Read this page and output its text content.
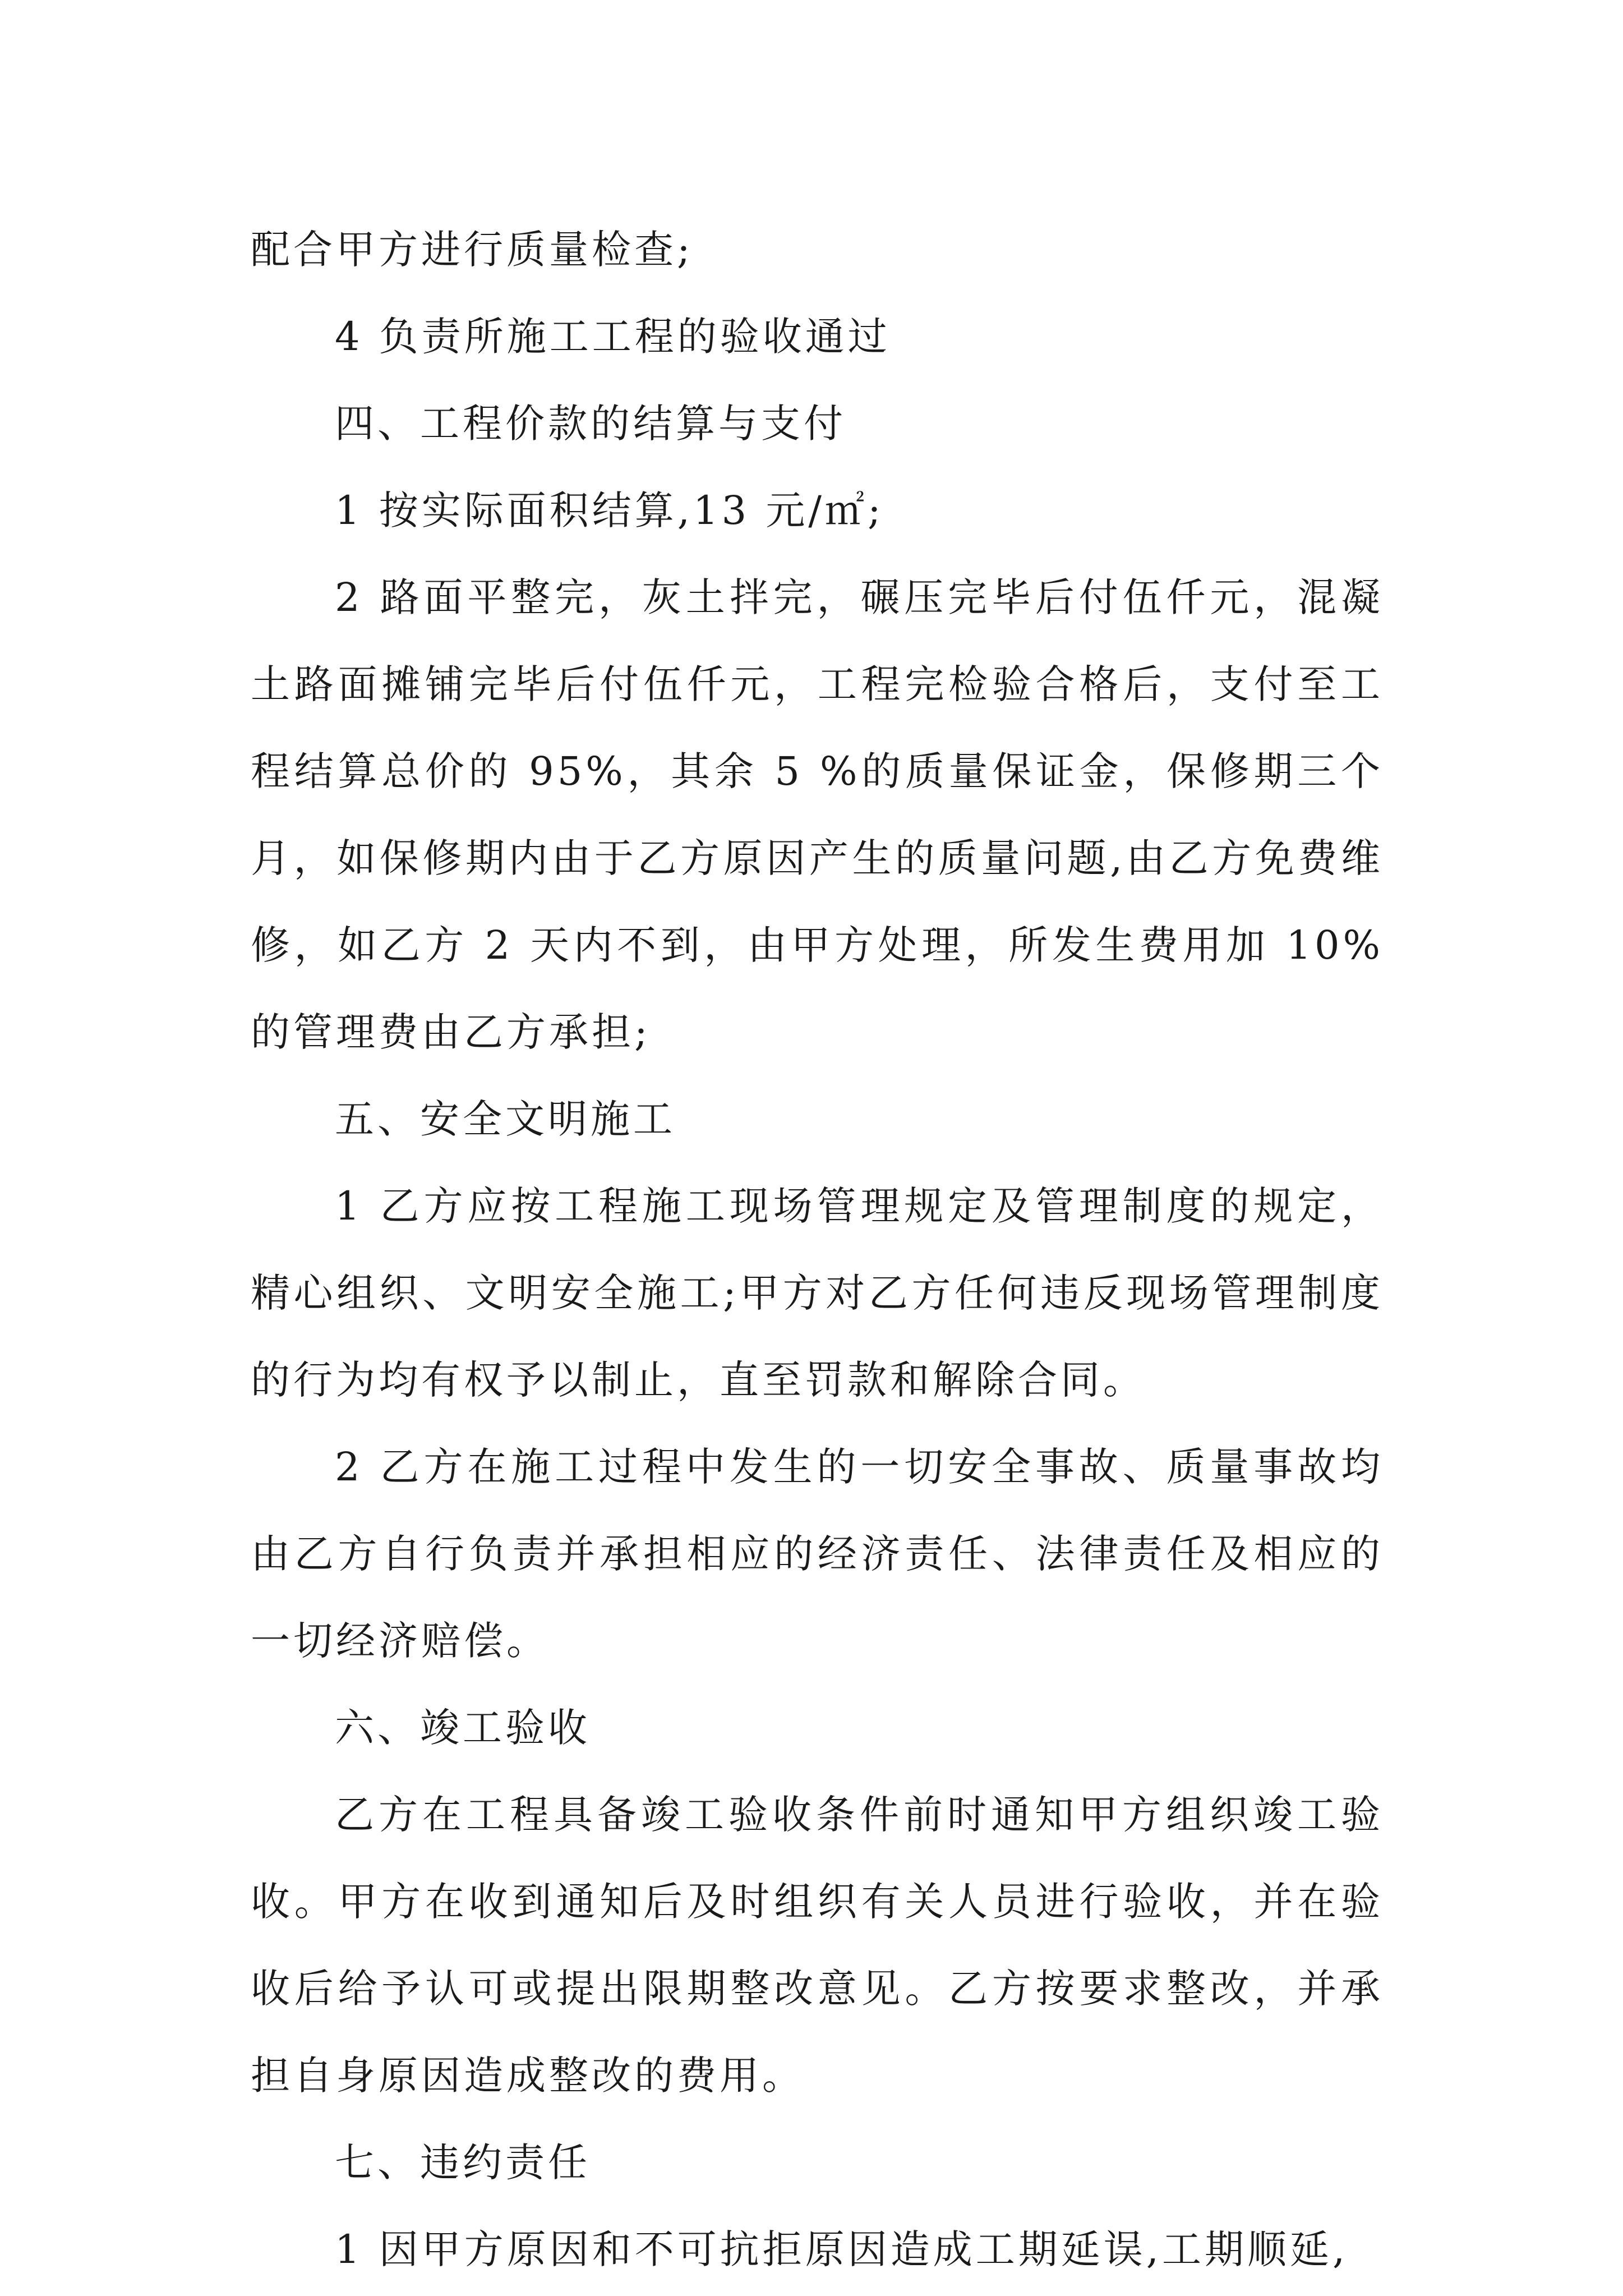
配合甲方进行质量检查;

4 负责所施工工程的验收通过

四、工程价款的结算与支付

1 按实际面积结算,13 元/㎡;

2 路面平整完，灰土拌完，碾压完毕后付伍仟元，混凝土路面摊铺完毕后付伍仟元，工程完检验合格后，支付至工程结算总价的 95%，其余 5 %的质量保证金，保修期三个月，如保修期内由于乙方原因产生的质量问题,由乙方免费维修，如乙方 2 天内不到，由甲方处理，所发生费用加 10%的管理费由乙方承担;

五、安全文明施工

1 乙方应按工程施工现场管理规定及管理制度的规定，精心组织、文明安全施工;甲方对乙方任何违反现场管理制度的行为均有权予以制止，直至罚款和解除合同。

2 乙方在施工过程中发生的一切安全事故、质量事故均由乙方自行负责并承担相应的经济责任、法律责任及相应的一切经济赔偿。

六、竣工验收

乙方在工程具备竣工验收条件前时通知甲方组织竣工验收。甲方在收到通知后及时组织有关人员进行验收，并在验收后给予认可或提出限期整改意见。乙方按要求整改，并承担自身原因造成整改的费用。

七、违约责任

1 因甲方原因和不可抗拒原因造成工期延误,工期顺延,
